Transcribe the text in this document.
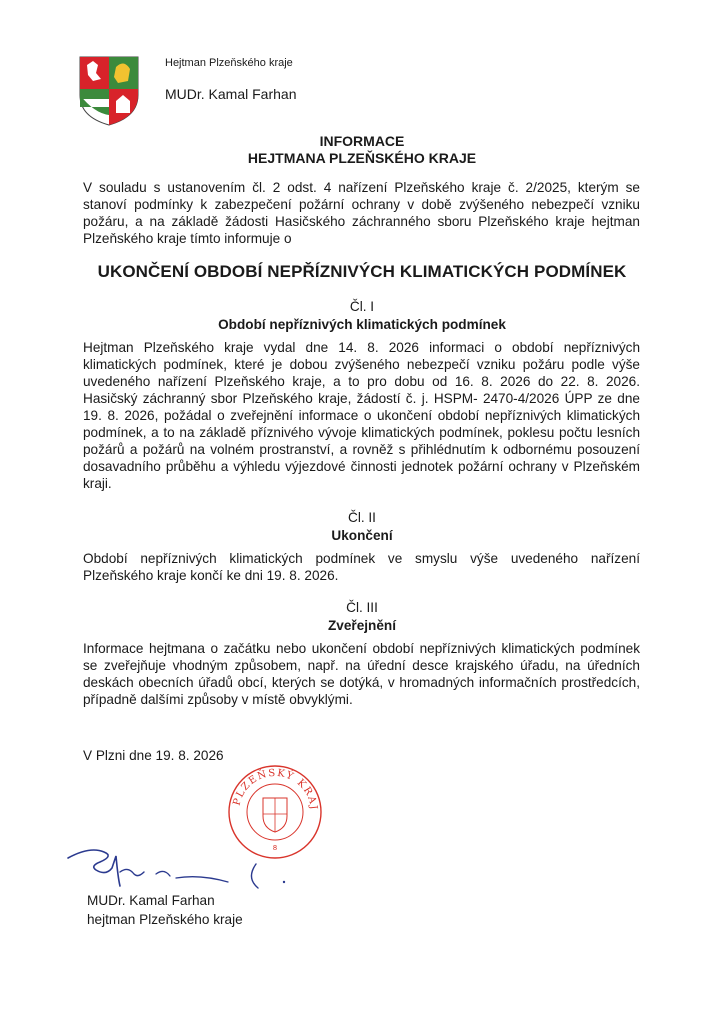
Hejtman Plzeňského kraje
MUDr. Kamal Farhan
INFORMACE
HEJTMANA PLZEŇSKÉHO KRAJE
V souladu s ustanovením čl. 2 odst. 4 nařízení Plzeňského kraje č. 2/2025, kterým se stanoví podmínky k zabezpečení požární ochrany v době zvýšeného nebezpečí vzniku požáru, a na základě žádosti Hasičského záchranného sboru Plzeňského kraje hejtman Plzeňského kraje tímto informuje o
UKONČENÍ OBDOBÍ NEPŘÍZNIVÝCH KLIMATICKÝCH PODMÍNEK
Čl. I
Období nepříznivých klimatických podmínek
Hejtman Plzeňského kraje vydal dne 14. 8. 2026 informaci o období nepříznivých klimatických podmínek, které je dobou zvýšeného nebezpečí vzniku požáru podle výše uvedeného nařízení Plzeňského kraje, a to pro dobu od 16. 8. 2026 do 22. 8. 2026. Hasičský záchranný sbor Plzeňského kraje, žádostí č. j. HSPM- 2470-4/2026 ÚPP ze dne 19. 8. 2026, požádal o zveřejnění informace o ukončení období nepříznivých klimatických podmínek, a to na základě příznivého vývoje klimatických podmínek, poklesu počtu lesních požárů a požárů na volném prostranství, a rovněž s přihlédnutím k odbornému posouzení dosavadního průběhu a výhledu výjezdové činnosti jednotek požární ochrany v Plzeňském kraji.
Čl. II
Ukončení
Období nepříznivých klimatických podmínek ve smyslu výše uvedeného nařízení Plzeňského kraje končí ke dni 19. 8. 2026.
Čl. III
Zveřejnění
Informace hejtmana o začátku nebo ukončení období nepříznivých klimatických podmínek se zveřejňuje vhodným způsobem, např. na úřední desce krajského úřadu, na úředních deskách obecních úřadů obcí, kterých se dotýká, v hromadných informačních prostředcích, případně dalšími způsoby v místě obvyklými.
V Plzni dne 19. 8. 2026
PLZEŇSKÝ KRAJ
8
MUDr. Kamal Farhan
hejtman Plzeňského kraje
